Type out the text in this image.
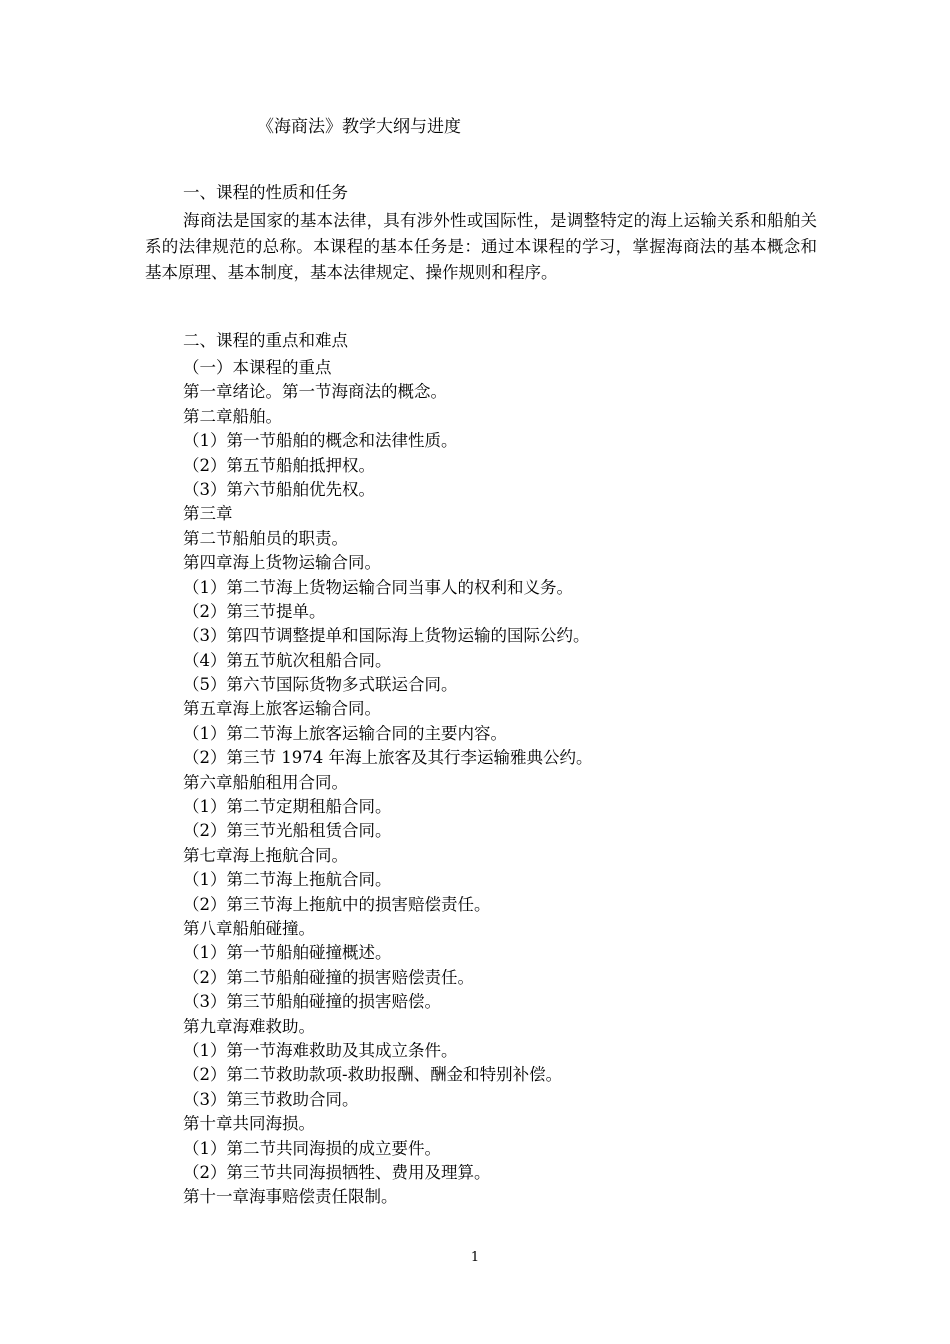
《海商法》教学大纲与进度
一、课程的性质和任务
海商法是国家的基本法律，具有涉外性或国际性，是调整特定的海上运输关系和船舶关系的法律规范的总称。本课程的基本任务是：通过本课程的学习，掌握海商法的基本概念和基本原理、基本制度，基本法律规定、操作规则和程序。
二、课程的重点和难点
（一）本课程的重点
第一章绪论。第一节海商法的概念。
第二章船舶。
（1）第一节船舶的概念和法律性质。
（2）第五节船舶抵押权。
（3）第六节船舶优先权。
第三章
第二节船舶员的职责。
第四章海上货物运输合同。
（1）第二节海上货物运输合同当事人的权利和义务。
（2）第三节提单。
（3）第四节调整提单和国际海上货物运输的国际公约。
（4）第五节航次租船合同。
（5）第六节国际货物多式联运合同。
第五章海上旅客运输合同。
（1）第二节海上旅客运输合同的主要内容。
（2）第三节 1974 年海上旅客及其行李运输雅典公约。
第六章船舶租用合同。
（1）第二节定期租船合同。
（2）第三节光船租赁合同。
第七章海上拖航合同。
（1）第二节海上拖航合同。
（2）第三节海上拖航中的损害赔偿责任。
第八章船舶碰撞。
（1）第一节船舶碰撞概述。
（2）第二节船舶碰撞的损害赔偿责任。
（3）第三节船舶碰撞的损害赔偿。
第九章海难救助。
（1）第一节海难救助及其成立条件。
（2）第二节救助款项-救助报酬、酬金和特别补偿。
（3）第三节救助合同。
第十章共同海损。
（1）第二节共同海损的成立要件。
（2）第三节共同海损牺牲、费用及理算。
第十一章海事赔偿责任限制。
1
